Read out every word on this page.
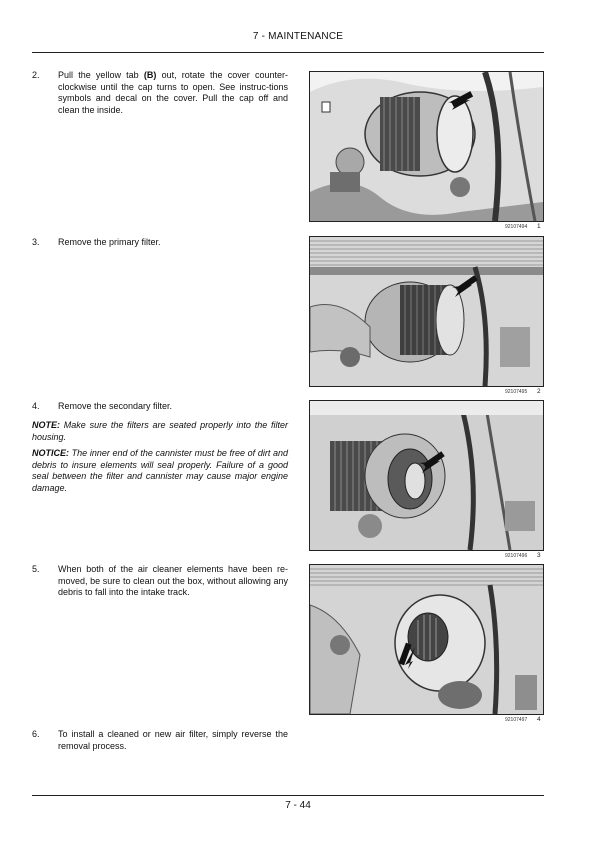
7 - MAINTENANCE
2. Pull the yellow tab (B) out, rotate the cover counter-clockwise until the cap turns to open. See instruc-tions symbols and decal on the cover. Pull the cap off and clean the inside.
3. Remove the primary filter.
4. Remove the secondary filter.
NOTE: Make sure the filters are seated properly into the filter housing.
NOTICE: The inner end of the cannister must be free of dirt and debris to insure elements will seal properly. Failure of a good seal between the filter and cannister may cause major engine damage.
5. When both of the air cleaner elements have been re-moved, be sure to clean out the box, without allowing any debris to fall into the intake track.
6. To install a cleaned or new air filter, simply reverse the removal process.
92107494 1
92107495 2
92107496 3
92107497 4
7 - 44
